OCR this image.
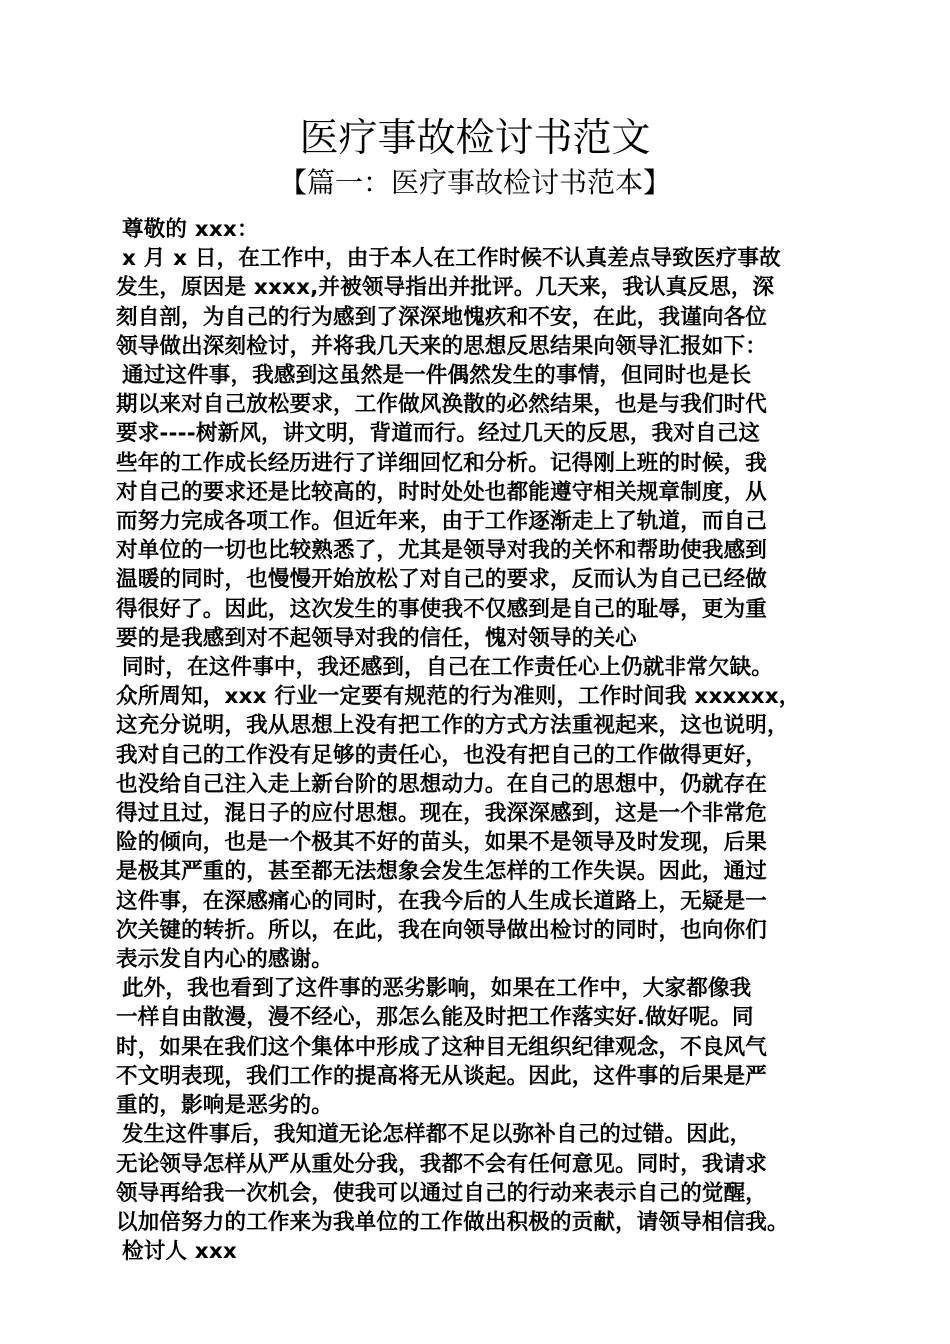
医疗事故检讨书范文
【篇一：医疗事故检讨书范本】
尊敬的 xxx：
x 月 x 日，在工作中，由于本人在工作时候不认真差点导致医疗事故
发生，原因是 xxxx,并被领导指出并批评。几天来，我认真反思，深
刻自剖，为自己的行为感到了深深地愧疚和不安，在此，我谨向各位
领导做出深刻检讨，并将我几天来的思想反思结果向领导汇报如下：
通过这件事，我感到这虽然是一件偶然发生的事情，但同时也是长
期以来对自己放松要求，工作做风涣散的必然结果，也是与我们时代
要求----树新风，讲文明，背道而行。经过几天的反思，我对自己这
些年的工作成长经历进行了详细回忆和分析。记得刚上班的时候，我
对自己的要求还是比较高的，时时处处也都能遵守相关规章制度，从
而努力完成各项工作。但近年来，由于工作逐渐走上了轨道，而自己
对单位的一切也比较熟悉了，尤其是领导对我的关怀和帮助使我感到
温暖的同时，也慢慢开始放松了对自己的要求，反而认为自己已经做
得很好了。因此，这次发生的事使我不仅感到是自己的耻辱，更为重
要的是我感到对不起领导对我的信任，愧对领导的关心
同时，在这件事中，我还感到，自己在工作责任心上仍就非常欠缺。
众所周知，xxx 行业一定要有规范的行为准则，工作时间我 xxxxxx，
这充分说明，我从思想上没有把工作的方式方法重视起来，这也说明，
我对自己的工作没有足够的责任心，也没有把自己的工作做得更好，
也没给自己注入走上新台阶的思想动力。在自己的思想中，仍就存在
得过且过，混日子的应付思想。现在，我深深感到，这是一个非常危
险的倾向，也是一个极其不好的苗头，如果不是领导及时发现，后果
是极其严重的，甚至都无法想象会发生怎样的工作失误。因此，通过
这件事，在深感痛心的同时，在我今后的人生成长道路上，无疑是一
次关键的转折。所以，在此，我在向领导做出检讨的同时，也向你们
表示发自内心的感谢。
此外，我也看到了这件事的恶劣影响，如果在工作中，大家都像我
一样自由散漫，漫不经心，那怎么能及时把工作落实好.做好呢。同
时，如果在我们这个集体中形成了这种目无组织纪律观念，不良风气
不文明表现，我们工作的提高将无从谈起。因此，这件事的后果是严
重的，影响是恶劣的。
发生这件事后，我知道无论怎样都不足以弥补自己的过错。因此，
无论领导怎样从严从重处分我，我都不会有任何意见。同时，我请求
领导再给我一次机会，使我可以通过自己的行动来表示自己的觉醒，
以加倍努力的工作来为我单位的工作做出积极的贡献，请领导相信我。
检讨人 xxx
